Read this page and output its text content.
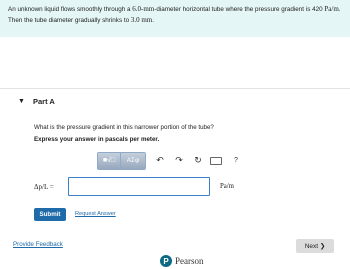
An unknown liquid flows smoothly through a 6.0-mm-diameter horizontal tube where the pressure gradient is 420 Pa/m.
Then the tube diameter gradually shrinks to 3.0 mm.
▼ Part A
What is the pressure gradient in this narrower portion of the tube?
Express your answer in pascals per meter.
■√□	ΑΣφ	↶ ↷ ↻	?
Δp/L =	Pa/m
Submit	Request Answer
Provide Feedback	Next ❯
P Pearson
